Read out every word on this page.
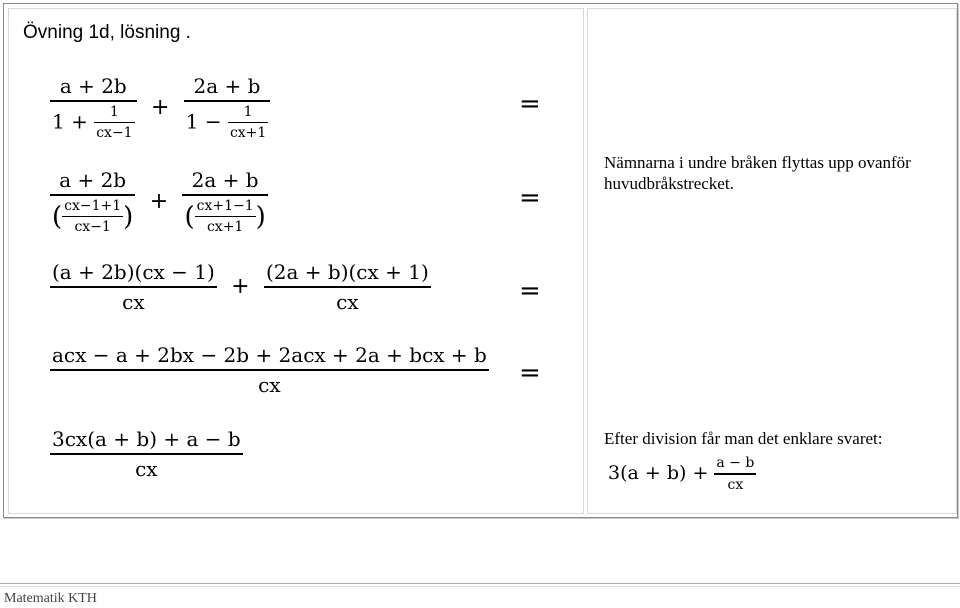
Övning 1d, lösning .
$\frac{a + 2b}{1 + \frac{1}{cx-1}} + \frac{2a + b}{1 - \frac{1}{cx+1}}$	=
$\frac{a + 2b}{( \frac{cx-1+1}{cx-1} )} + \frac{2a + b}{( \frac{cx+1-1}{cx+1} )}$	=
$\frac{(a + 2b)(cx - 1)}{cx} + \frac{(2a + b)(cx + 1)}{cx}$	=
$\frac{\text{acx − a + 2bx − 2b + 2acx + 2a + bcx + b}}{cx}$ =
$\frac{3cx(a + b) + a - b}{cx}$
Nämnarna i undre bråken flyttas upp ovanför huvudbråkstrecket.
Efter division får man det enklare svaret:
$3(a + b) + \frac{a - b}{cx}$
Matematik KTH
